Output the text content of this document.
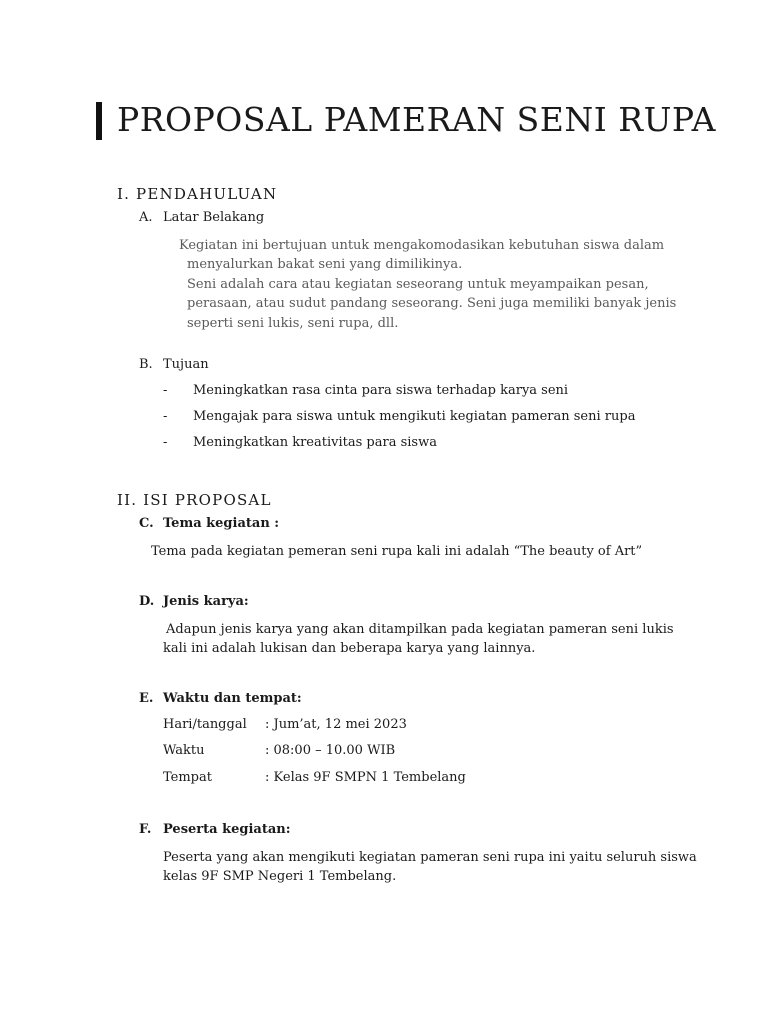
PROPOSAL PAMERAN SENI RUPA
I. PENDAHULUAN
A. Latar Belakang
Kegiatan ini bertujuan untuk mengakomodasikan kebutuhan siswa dalam
menyalurkan bakat seni yang dimilikinya.
Seni adalah cara atau kegiatan seseorang untuk meyampaikan pesan,
perasaan, atau sudut pandang seseorang. Seni juga memiliki banyak jenis
seperti seni lukis, seni rupa, dll.
B. Tujuan
- Meningkatkan rasa cinta para siswa terhadap karya seni
- Mengajak para siswa untuk mengikuti kegiatan pameran seni rupa
- Meningkatkan kreativitas para siswa
II. ISI PROPOSAL
C. Tema kegiatan :
Tema pada kegiatan pemeran seni rupa kali ini adalah “The beauty of Art”
D. Jenis karya:
Adapun jenis karya yang akan ditampilkan pada kegiatan pameran seni lukis
kali ini adalah lukisan dan beberapa karya yang lainnya.
E. Waktu dan tempat:
Hari/tanggal : Jum’at, 12 mei 2023
Waktu	: 08:00 – 10.00 WIB
Tempat	: Kelas 9F SMPN 1 Tembelang
F. Peserta kegiatan:
Peserta yang akan mengikuti kegiatan pameran seni rupa ini yaitu seluruh siswa
kelas 9F SMP Negeri 1 Tembelang.
